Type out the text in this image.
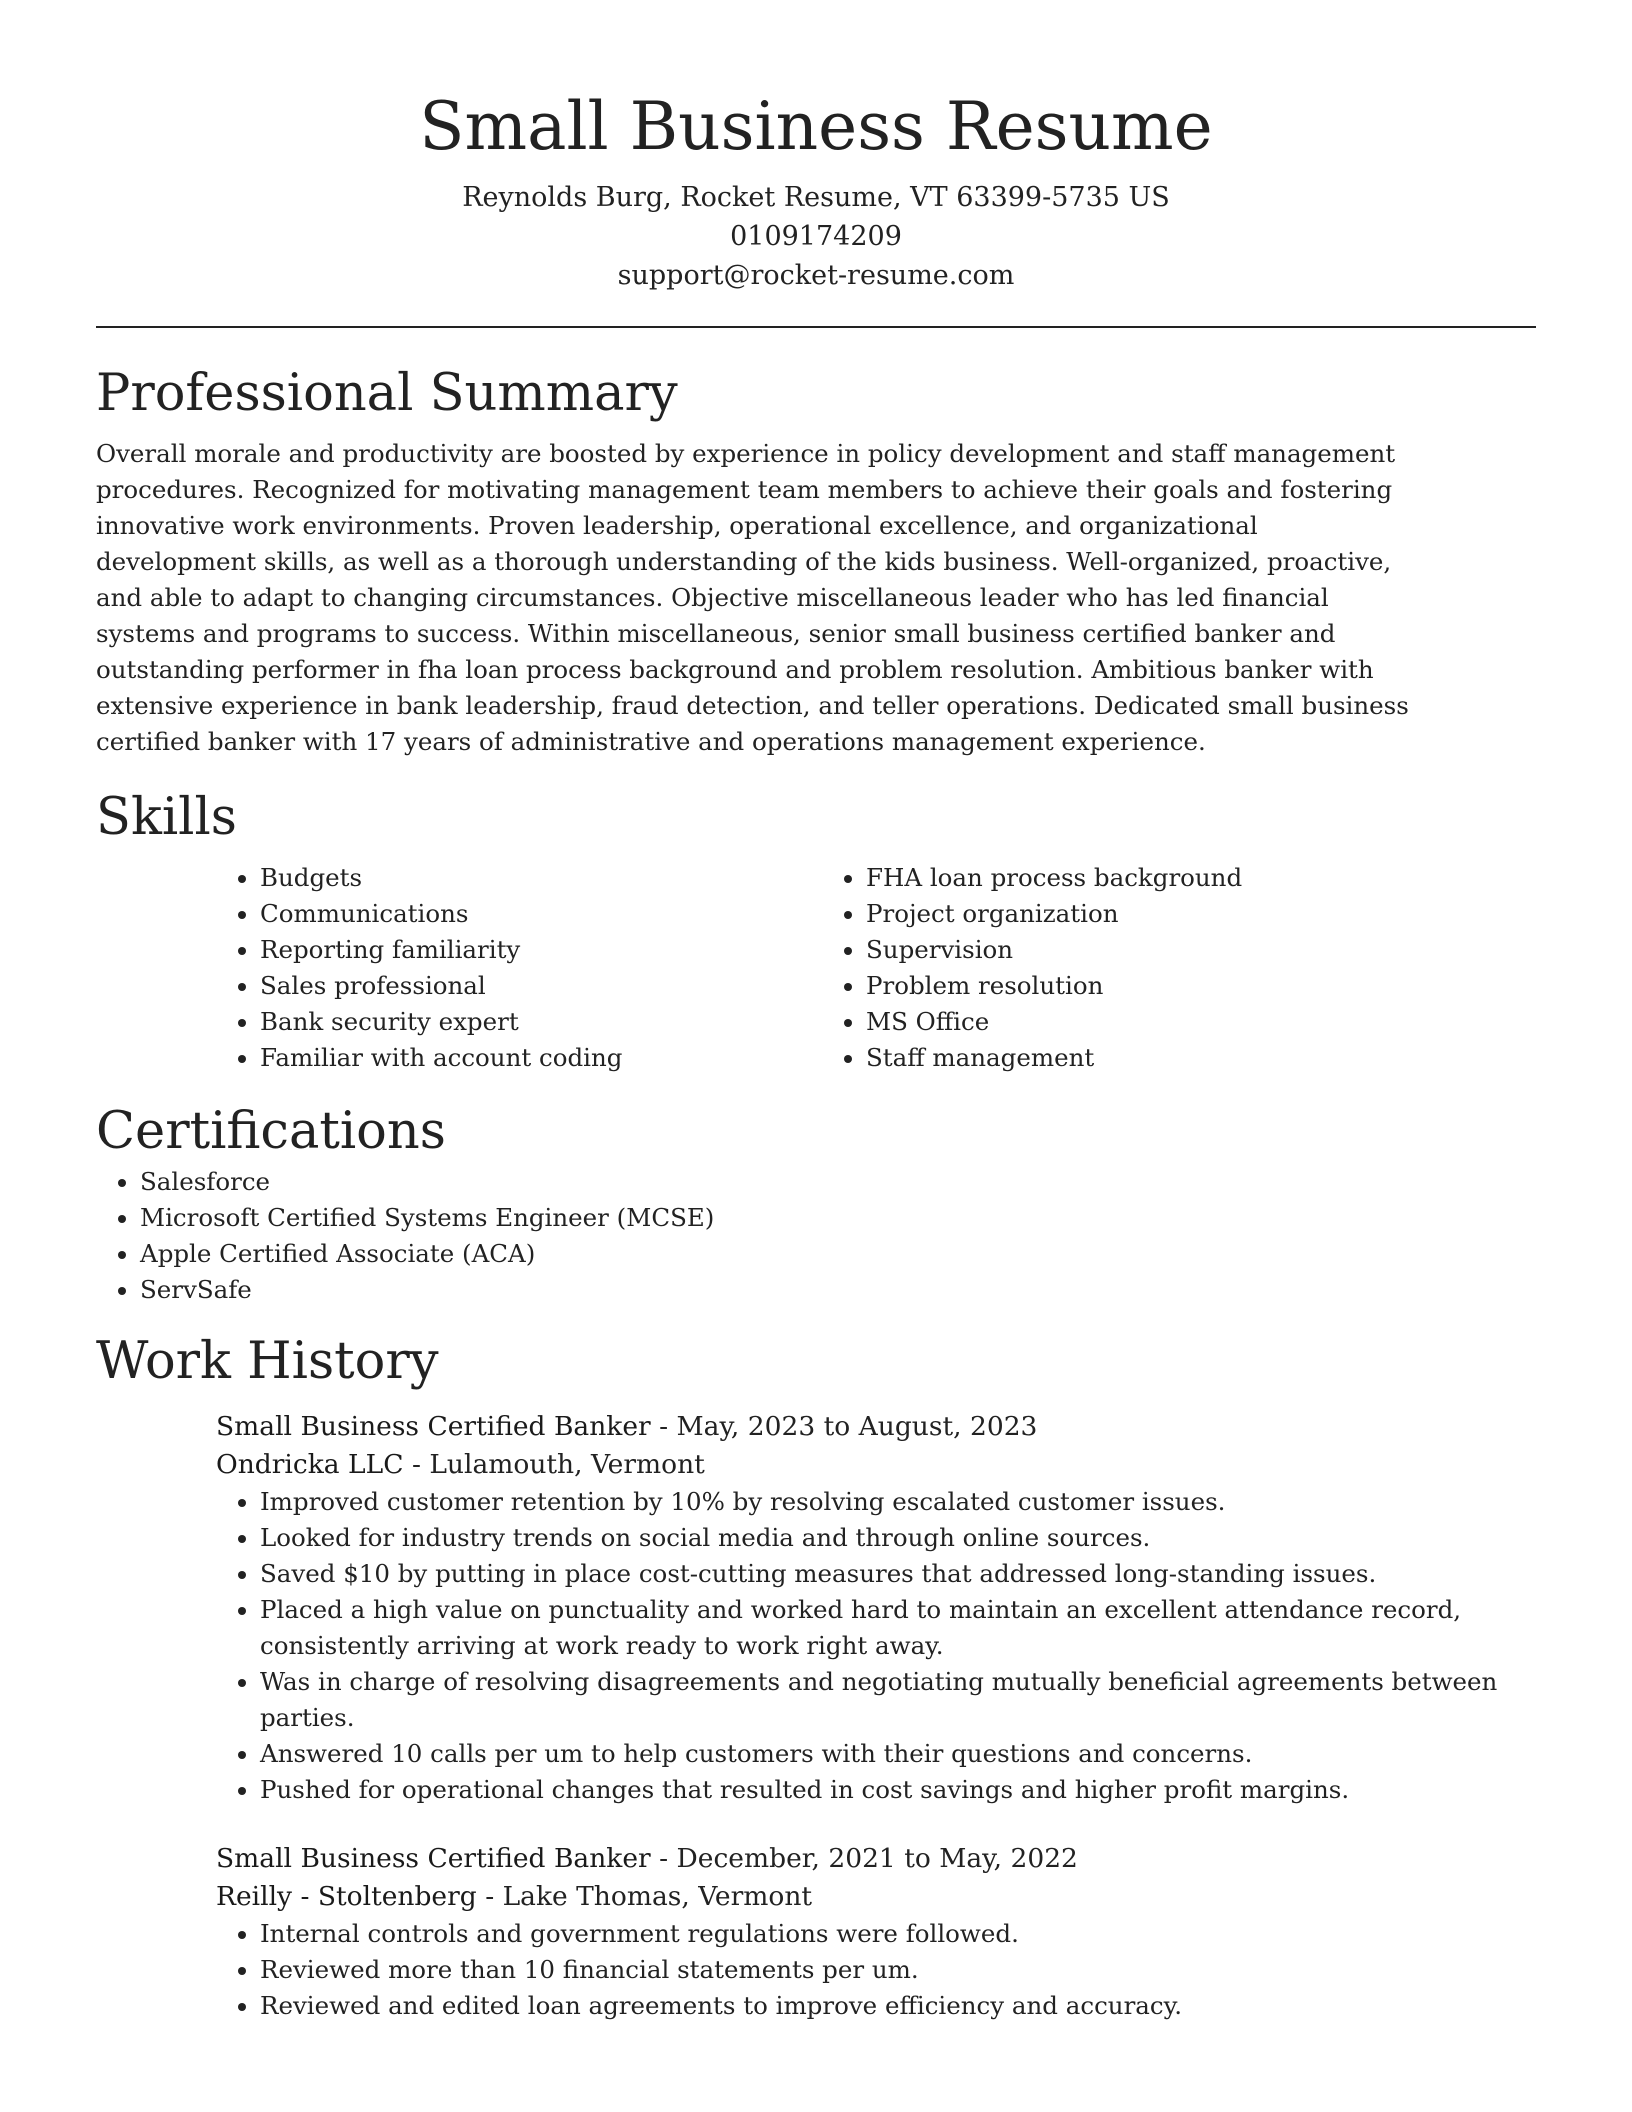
Small Business Resume
Reynolds Burg, Rocket Resume, VT 63399-5735 US
0109174209
support@rocket-resume.com
Professional Summary

Overall morale and productivity are boosted by experience in policy development and staff management procedures. Recognized for motivating management team members to achieve their goals and fostering innovative work environments. Proven leadership, operational excellence, and organizational development skills, as well as a thorough understanding of the kids business. Well-organized, proactive, and able to adapt to changing circumstances. Objective miscellaneous leader who has led financial systems and programs to success. Within miscellaneous, senior small business certified banker and outstanding performer in fha loan process background and problem resolution. Ambitious banker with extensive experience in bank leadership, fraud detection, and teller operations. Dedicated small business certified banker with 17 years of administrative and operations management experience.

Skills
• Budgets
• Communications
• Reporting familiarity
• Sales professional
• Bank security expert
• Familiar with account coding
• FHA loan process background
• Project organization
• Supervision
• Problem resolution
• MS Office
• Staff management
Certifications
• Salesforce
• Microsoft Certified Systems Engineer (MCSE)
• Apple Certified Associate (ACA)
• ServSafe
Work History
Small Business Certified Banker - May, 2023 to August, 2023
Ondricka LLC - Lulamouth, Vermont
• Improved customer retention by 10% by resolving escalated customer issues.
• Looked for industry trends on social media and through online sources.
• Saved $10 by putting in place cost-cutting measures that addressed long-standing issues.
• Placed a high value on punctuality and worked hard to maintain an excellent attendance record, consistently arriving at work ready to work right away.
• Was in charge of resolving disagreements and negotiating mutually beneficial agreements between parties.
• Answered 10 calls per um to help customers with their questions and concerns.
• Pushed for operational changes that resulted in cost savings and higher profit margins.
Small Business Certified Banker - December, 2021 to May, 2022
Reilly - Stoltenberg - Lake Thomas, Vermont
• Internal controls and government regulations were followed.
• Reviewed more than 10 financial statements per um.
• Reviewed and edited loan agreements to improve efficiency and accuracy.
